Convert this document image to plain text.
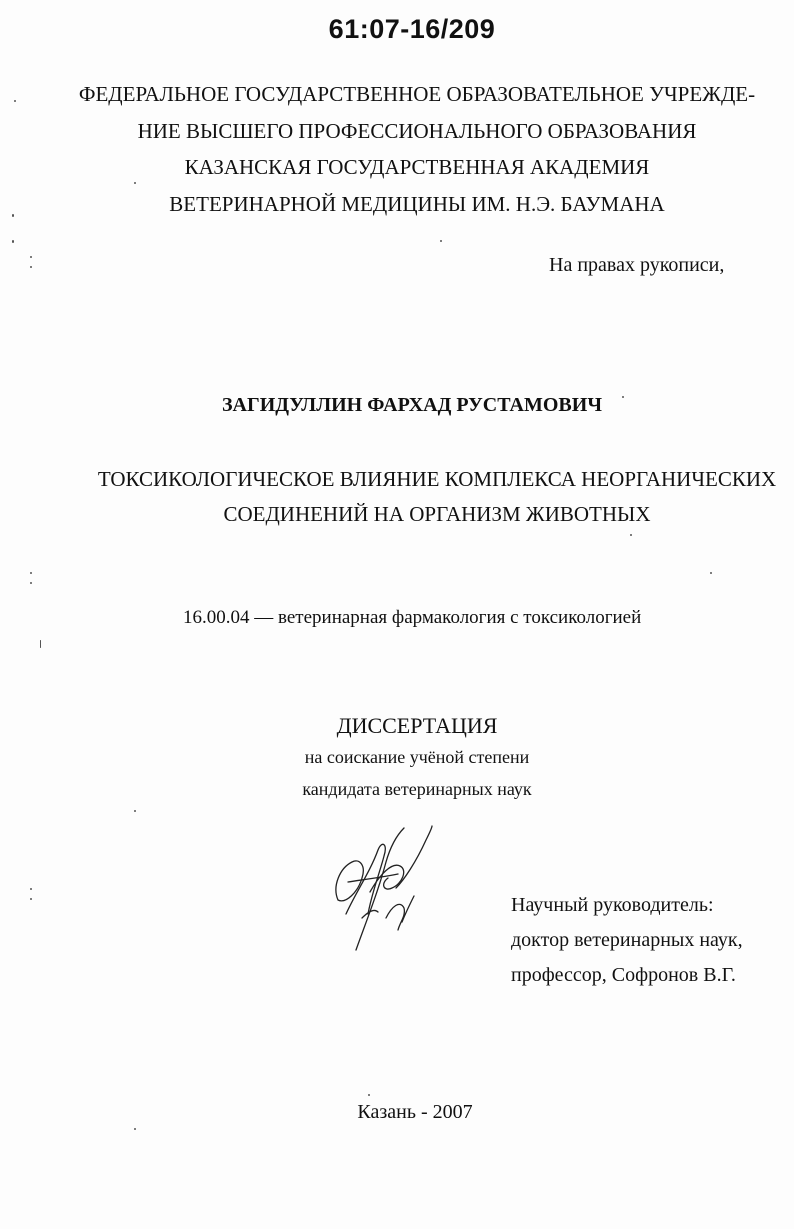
61:07-16/209
ФЕДЕРАЛЬНОЕ ГОСУДАРСТВЕННОЕ ОБРАЗОВАТЕЛЬНОЕ УЧРЕЖДЕ-
НИЕ ВЫСШЕГО ПРОФЕССИОНАЛЬНОГО ОБРАЗОВАНИЯ
КАЗАНСКАЯ ГОСУДАРСТВЕННАЯ АКАДЕМИЯ
ВЕТЕРИНАРНОЙ МЕДИЦИНЫ ИМ. Н.Э. БАУМАНА
На правах рукописи,
ЗАГИДУЛЛИН ФАРХАД РУСТАМОВИЧ
ТОКСИКОЛОГИЧЕСКОЕ ВЛИЯНИЕ КОМПЛЕКСА НЕОРГАНИЧЕСКИХ
СОЕДИНЕНИЙ НА ОРГАНИЗМ ЖИВОТНЫХ
16.00.04 — ветеринарная фармакология с токсикологией
ДИССЕРТАЦИЯ
на соискание учёной степени
кандидата ветеринарных наук
Научный руководитель:
доктор ветеринарных наук,
профессор, Софронов В.Г.
Казань - 2007
